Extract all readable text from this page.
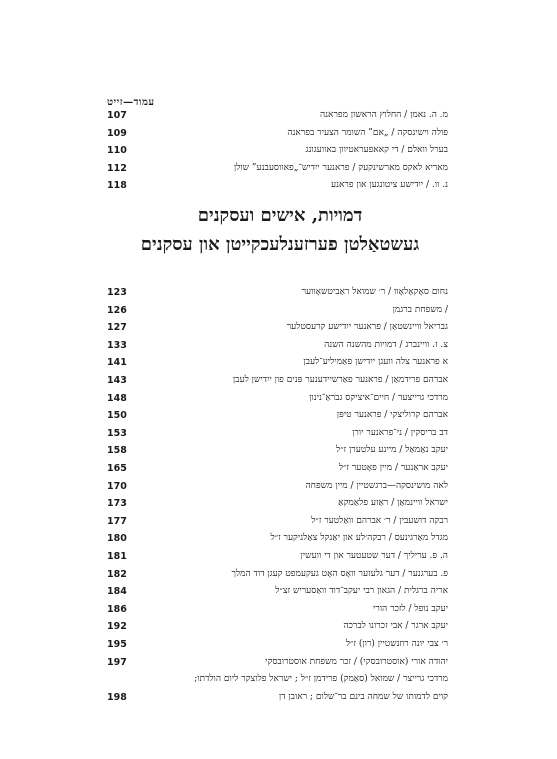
עמוד—זייט
107	מ. ה. נאמן / החלוץ הראשון מפראנה
109	פולה וישינסקה / „אם” השומר הצעיר בפראנה
110	בערל וואלם / די קאאפעראטיוון באוועגונג
112	מאריא לאקס מארשינקעק / פראנער ייִדיש־„פאווסעבנע” שולן
118	נ. וו. / ייִדישע ציטונגען און פראנע
דמויות, אישים ועסקנים
געשטאַלטן פערזענלעכקייטן און עסקנים
123	נחום סאָקאָלאָוו / ר׳ שמואל ראַביטשאָווער
126	/ משפחת ברגמן
127	גבריאל וויינשטאַן / פראנער ייִדישע קרעסטלער
133	צ. ז. וויינברג / דמויות מהשנה השנה
141	א פראנער צלה וועגן ייִדישן פאַמיליע־לעבן
143	אברהם פרידמאַן / פראנער פאַרשיידענער פּנים פון ייִדישן לעבן
148	מרדכי גרייצער / חיים־איציקס גבראַ־נינון
150	אברהם קרוליצקי / פראנער טיפּן
153	דב בריסקין / ני־פראנער יורן
158	יעקב נאַמאַל / מיינע עלטערן ז״ל
165	יעקב אראַנער / מיין פאָטער ז״ל
170	לאה מושינסקה—ברגשטיין / מיין משפּחה
173	ישראל וויינמאַן / ראַזע פלאַמקאַ
177	רבקה דושעבין / ר׳ אברהם וואַלטער ז״ל
180	מגדל מאַרגינעס / רבקה׳לע און יאַנקל צאַלניקער ז״ל
181	ה. פ. עריליך / דער שטעטער און די וועשין
182	פ. בערגנער / דער גלעזער וואָס האָט געקעמפט קעגן דוד המלך
184	אריה ברגלית / הגאון רבי יעקב־דוד וואַסעריש זצ״ל
186	יעקב נופל / לזכר הורי
192	יעקב ארגר / אבי זכרונו לברכה
195	ר׳ צבי יונה רוזנשטיין (רון) ז״ל
197	יהודה אורי (אוסטרובסקי) / זכר משפחת אוסטרובסקי
מרדכי גרייצר / שמואל (סאַמק) פרידמן ז״ל ; ישראל פלוצקר ליום הולדתו;
198	קוים לדמותו של שמחה בינם בר־שלום ; ראובן דן
